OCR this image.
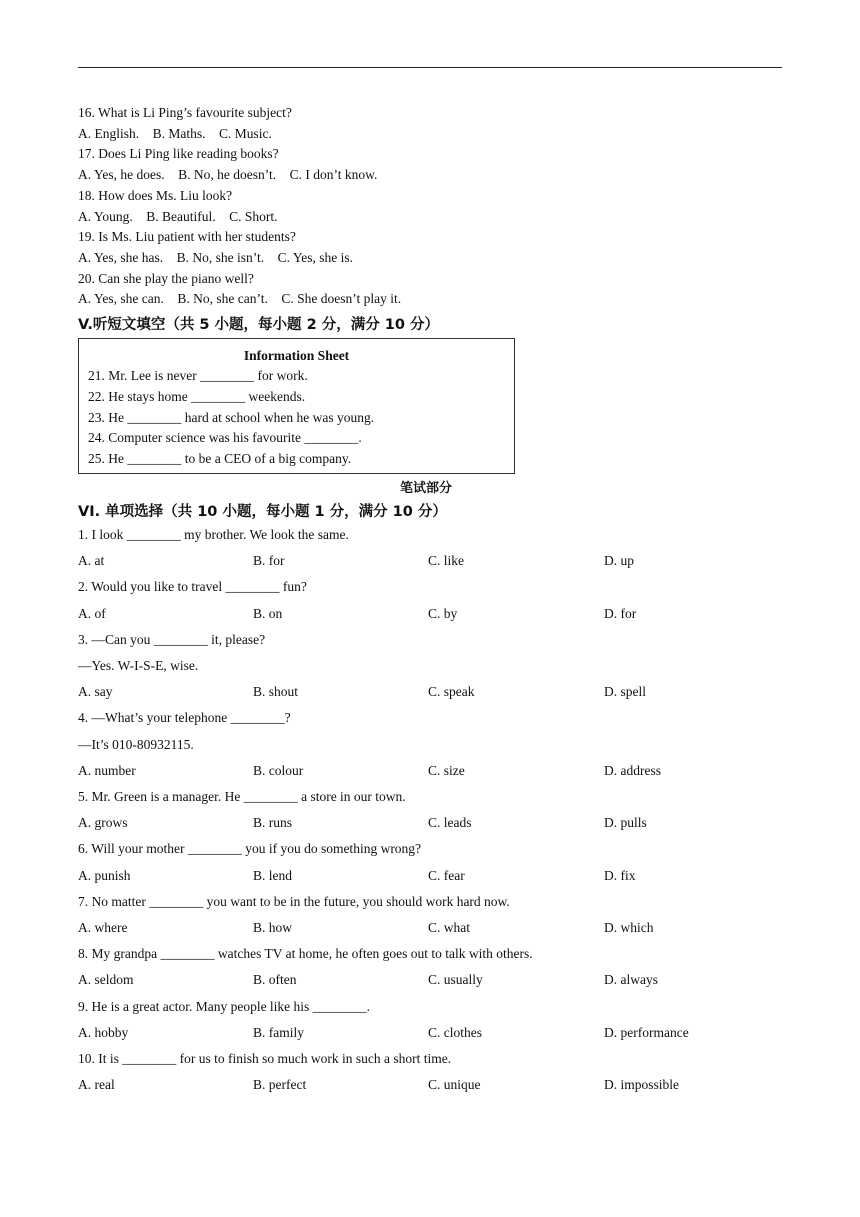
16. What is Li Ping’s favourite subject?
A. English.    B. Maths.    C. Music.
17. Does Li Ping like reading books?
A. Yes, he does.    B. No, he doesn’t.    C. I don’t know.
18. How does Ms. Liu look?
A. Young.    B. Beautiful.    C. Short.
19. Is Ms. Liu patient with her students?
A. Yes, she has.    B. No, she isn’t.    C. Yes, she is.
20. Can she play the piano well?
A. Yes, she can.    B. No, she can’t.    C. She doesn’t play it.
V.听短文填空（共 5 小题，每小题 2 分，满分 10 分）
Information Sheet
21. Mr. Lee is never ________ for work.
22. He stays home ________ weekends.
23. He ________ hard at school when he was young.
24. Computer science was his favourite ________.
25. He ________ to be a CEO of a big company.
笔试部分
VI. 单项选择（共 10 小题，每小题 1 分，满分 10 分）
1. I look ________ my brother. We look the same.
A. at	B. for	C. like	D. up
2. Would you like to travel ________ fun?
A. of	B. on	C. by	D. for
3. —Can you ________ it, please?
—Yes. W-I-S-E, wise.
A. say	B. shout	C. speak	D. spell
4. —What’s your telephone ________?
—It’s 010-80932115.
A. number	B. colour	C. size	D. address
5. Mr. Green is a manager. He ________ a store in our town.
A. grows	B. runs	C. leads	D. pulls
6. Will your mother ________ you if you do something wrong?
A. punish	B. lend	C. fear	D. fix
7. No matter ________ you want to be in the future, you should work hard now.
A. where	B. how	C. what	D. which
8. My grandpa ________ watches TV at home, he often goes out to talk with others.
A. seldom	B. often	C. usually	D. always
9. He is a great actor. Many people like his ________.
A. hobby	B. family	C. clothes	D. performance
10. It is ________ for us to finish so much work in such a short time.
A. real	B. perfect	C. unique	D. impossible
